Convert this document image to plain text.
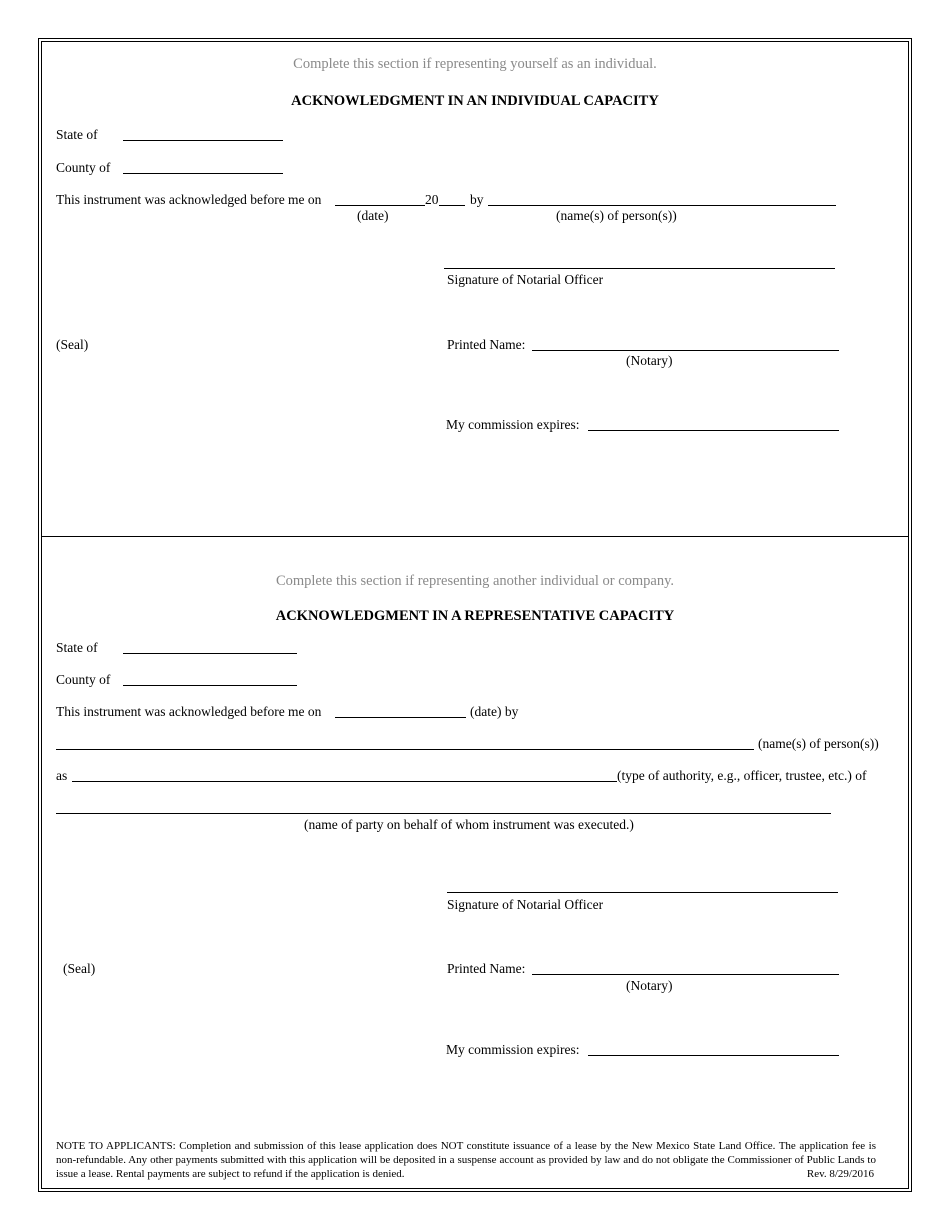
Complete this section if representing yourself as an individual.
ACKNOWLEDGMENT IN AN INDIVIDUAL CAPACITY
State of
County of
This instrument was acknowledged before me on	20 by
(date)	(name(s) of person(s))
Signature of Notarial Officer
(Seal)	Printed Name:
(Notary)
My commission expires:
Complete this section if representing another individual or company.
ACKNOWLEDGMENT IN A REPRESENTATIVE CAPACITY
State of
County of
This instrument was acknowledged before me on	(date) by
(name(s) of person(s))
as	(type of authority, e.g., officer, trustee, etc.) of
(name of party on behalf of whom instrument was executed.)
Signature of Notarial Officer
(Seal)	Printed Name:
(Notary)
My commission expires:
NOTE TO APPLICANTS: Completion and submission of this lease application does NOT constitute issuance of a lease by the New Mexico State Land Office. The application fee is non-refundable. Any other payments submitted with this application will be deposited in a suspense account as provided by law and do not obligate the Commissioner of Public Lands to issue a lease. Rental payments are subject to refund if the application is denied.	Rev. 8/29/2016
